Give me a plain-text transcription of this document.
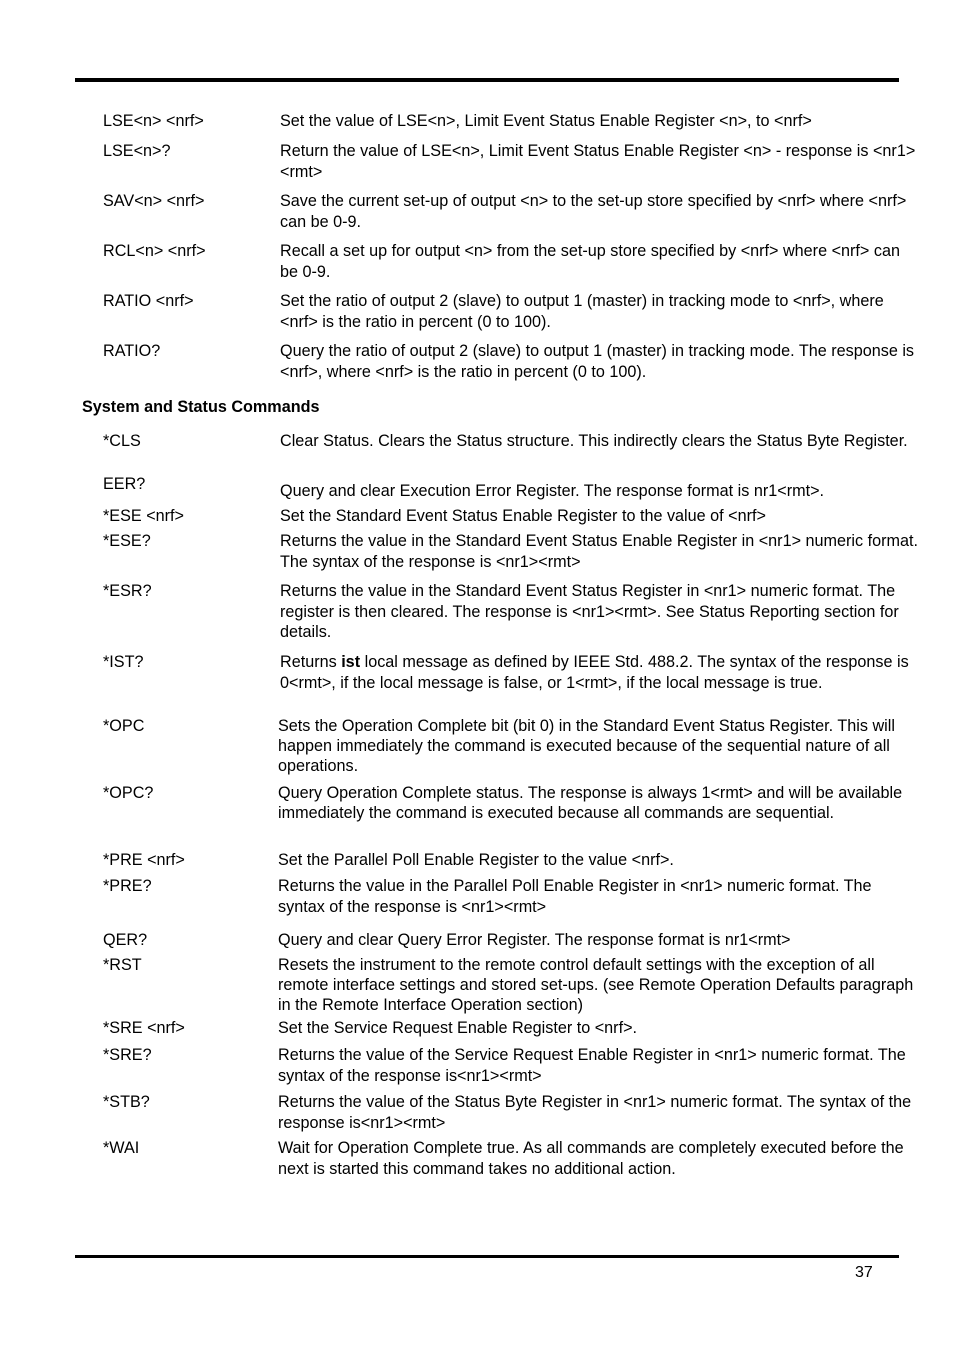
LSE<n> <nrf>	Set the value of LSE<n>, Limit Event Status Enable Register <n>, to <nrf>
LSE<n>?	Return the value of LSE<n>, Limit Event Status Enable Register <n> - response is <nr1><rmt>
SAV<n> <nrf>	Save the current set-up of output <n> to the set-up store specified by <nrf> where <nrf> can be 0-9.
RCL<n> <nrf>	Recall a set up for output <n> from the set-up store specified by <nrf> where <nrf> can be 0-9.
RATIO <nrf>	Set the ratio of output 2 (slave) to output 1 (master) in tracking mode to <nrf>, where <nrf> is the ratio in percent (0 to 100).
RATIO?	Query the ratio of output 2 (slave) to output 1 (master) in tracking mode. The response is <nrf>, where <nrf> is the ratio in percent (0 to 100).
System and Status Commands
*CLS	Clear Status. Clears the Status structure. This indirectly clears the Status Byte Register.
EER?	Query and clear Execution Error Register. The response format is nr1<rmt>.
*ESE <nrf>	Set the Standard Event Status Enable Register to the value of <nrf>
*ESE?	Returns the value in the Standard Event Status Enable Register in <nr1> numeric format. The syntax of the response is <nr1><rmt>
*ESR?	Returns the value in the Standard Event Status Register in <nr1> numeric format. The register is then cleared. The response is <nr1><rmt>. See Status Reporting section for details.
*IST?	Returns ist local message as defined by IEEE Std. 488.2. The syntax of the response is 0<rmt>, if the local message is false, or 1<rmt>, if the local message is true.
*OPC	Sets the Operation Complete bit (bit 0) in the Standard Event Status Register. This will happen immediately the command is executed because of the sequential nature of all operations.
*OPC?	Query Operation Complete status. The response is always 1<rmt> and will be available immediately the command is executed because all commands are sequential.
*PRE <nrf>	Set the Parallel Poll Enable Register to the value <nrf>.
*PRE?	Returns the value in the Parallel Poll Enable Register in <nr1> numeric format. The syntax of the response is <nr1><rmt>
QER?	Query and clear Query Error Register. The response format is nr1<rmt>
*RST	Resets the instrument to the remote control default settings with the exception of all remote interface settings and stored set-ups. (see Remote Operation Defaults paragraph in the Remote Interface Operation section)
*SRE <nrf>	Set the Service Request Enable Register to <nrf>.
*SRE?	Returns the value of the Service Request Enable Register in <nr1> numeric format. The syntax of the response is<nr1><rmt>
*STB?	Returns the value of the Status Byte Register in <nr1> numeric format. The syntax of the response is<nr1><rmt>
*WAI	Wait for Operation Complete true. As all commands are completely executed before the next is started this command takes no additional action.
37
